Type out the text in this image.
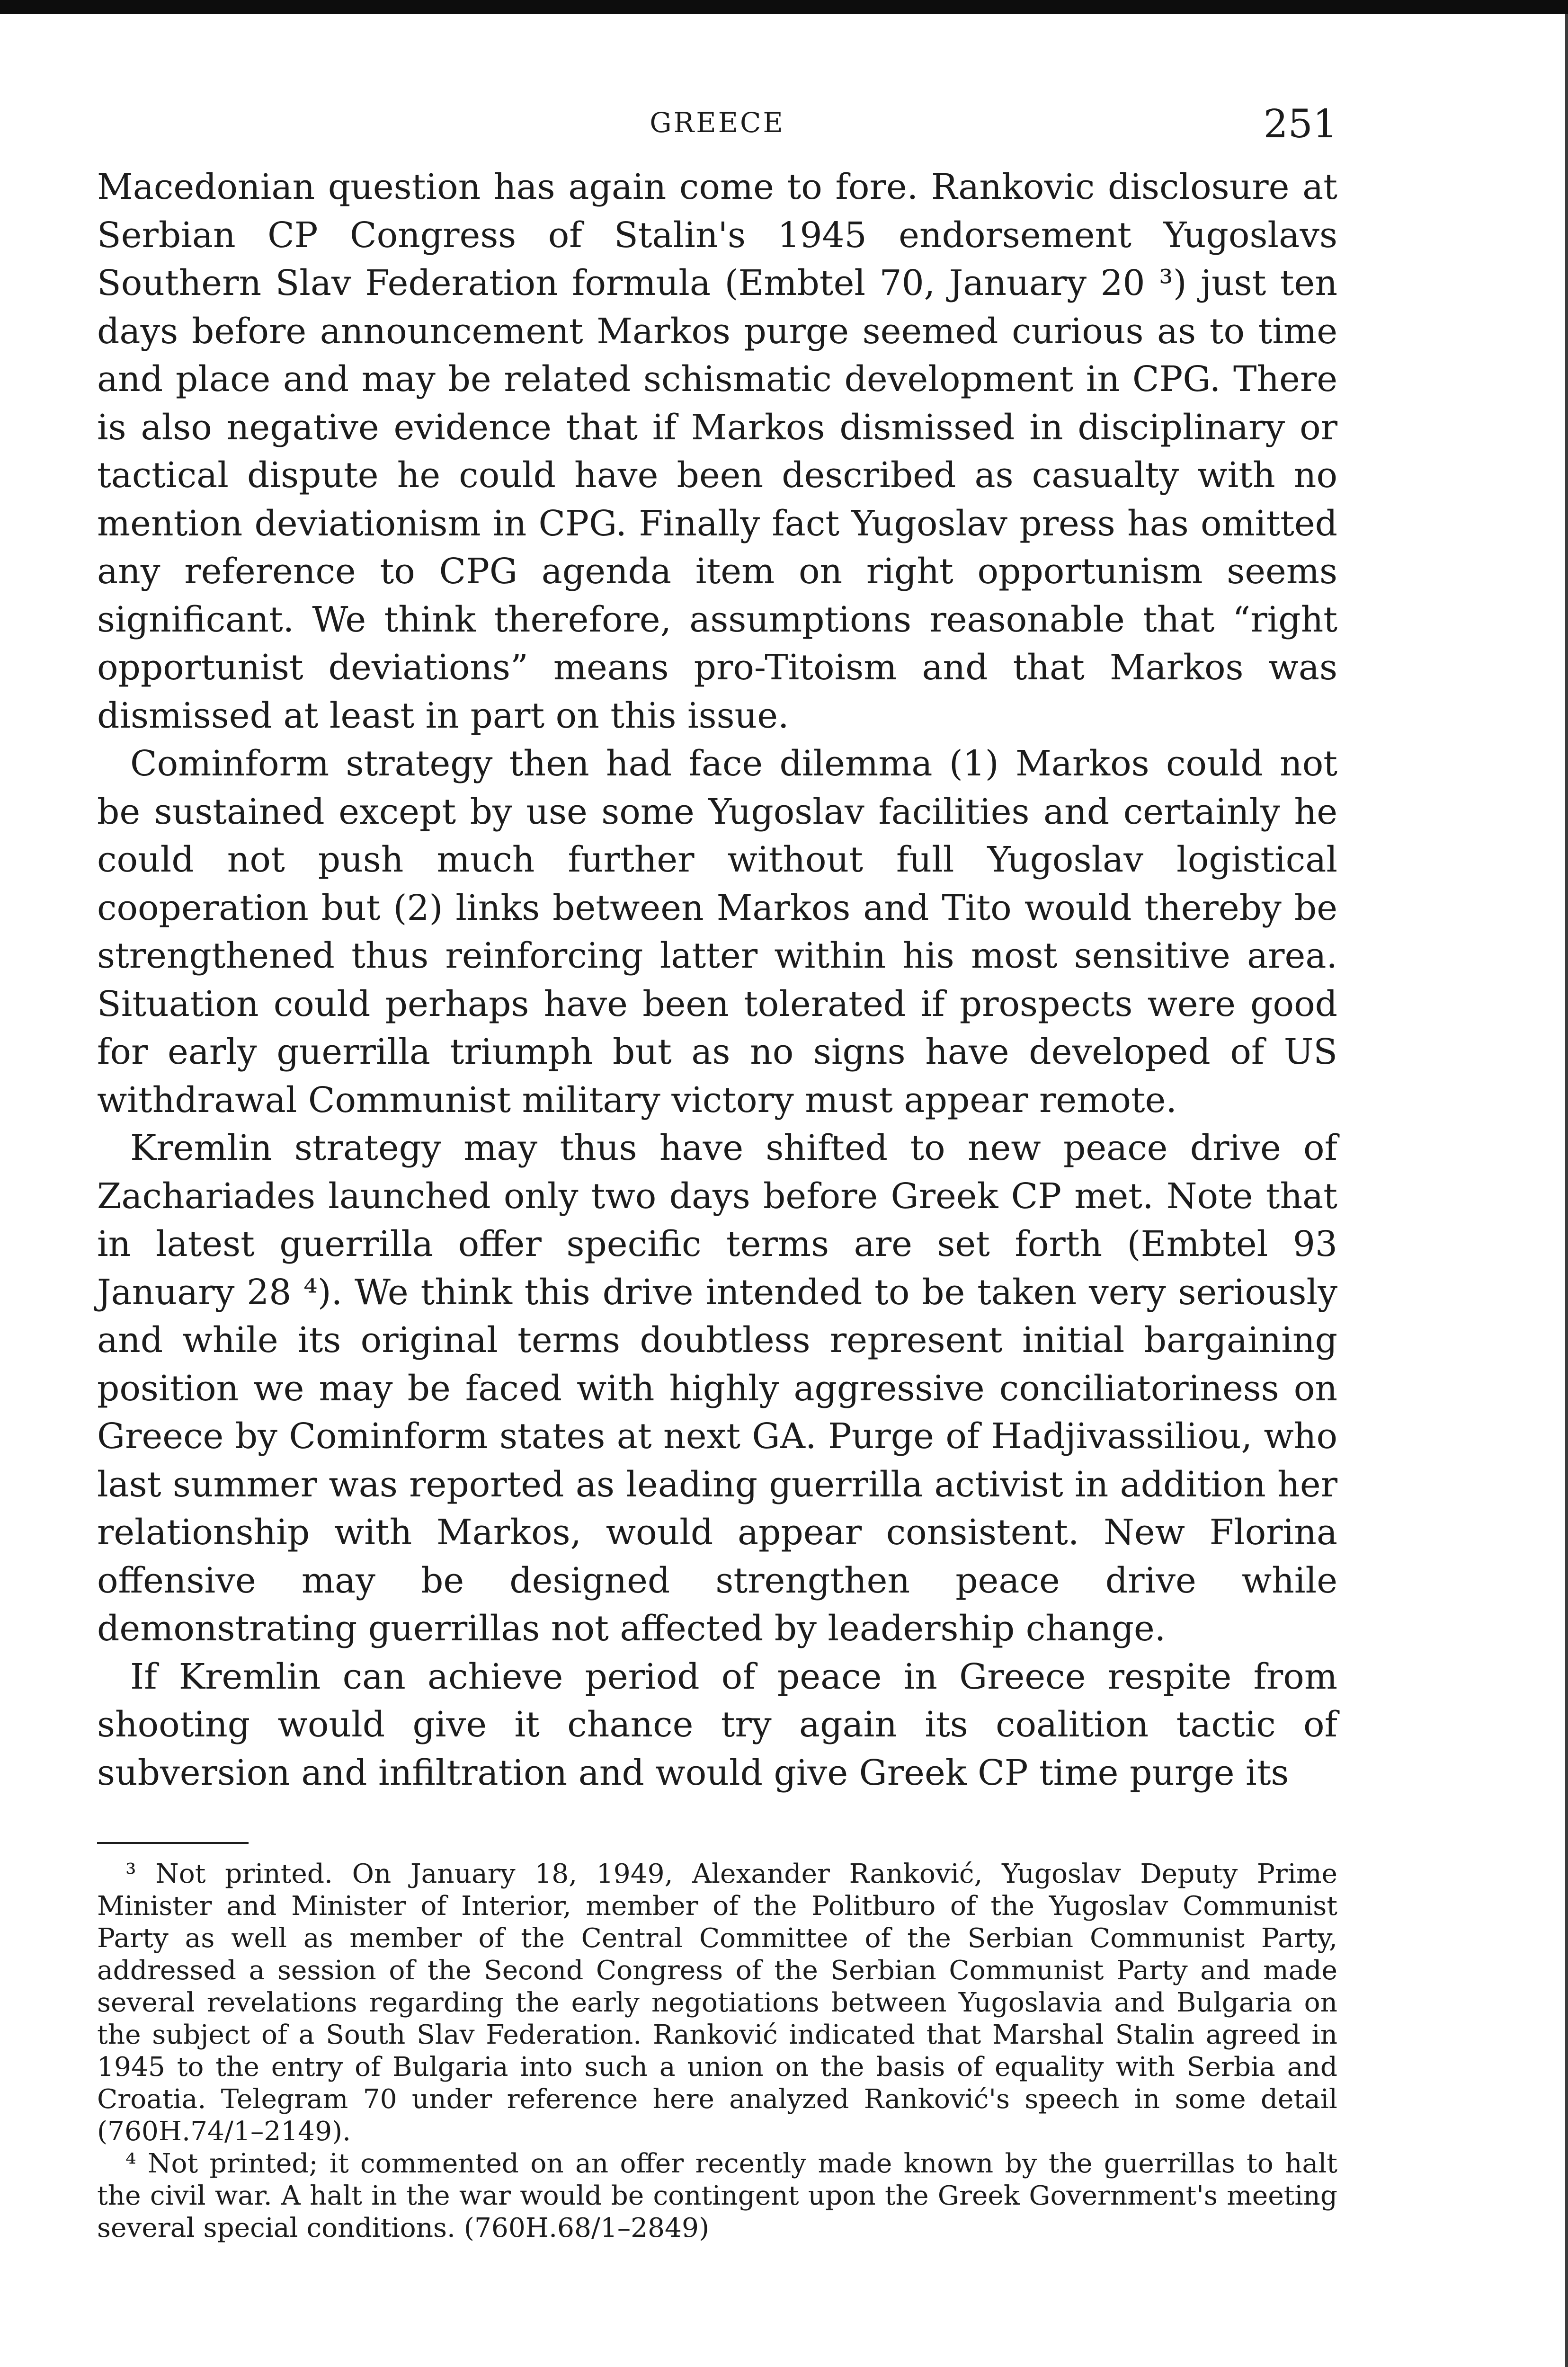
GREECE	251

Macedonian question has again come to fore. Rankovic disclosure at Serbian CP Congress of Stalin's 1945 endorsement Yugoslavs Southern Slav Federation formula (Embtel 70, January 20 ³) just ten days before announcement Markos purge seemed curious as to time and place and may be related schismatic development in CPG. There is also negative evidence that if Markos dismissed in disciplinary or tactical dispute he could have been described as casualty with no mention deviationism in CPG. Finally fact Yugoslav press has omitted any reference to CPG agenda item on right opportunism seems significant. We think therefore, assumptions reasonable that “right opportunist deviations” means pro-Titoism and that Markos was dismissed at least in part on this issue.

Cominform strategy then had face dilemma (1) Markos could not be sustained except by use some Yugoslav facilities and certainly he could not push much further without full Yugoslav logistical cooperation but (2) links between Markos and Tito would thereby be strengthened thus reinforcing latter within his most sensitive area. Situation could perhaps have been tolerated if prospects were good for early guerrilla triumph but as no signs have developed of US withdrawal Communist military victory must appear remote.

Kremlin strategy may thus have shifted to new peace drive of Zachariades launched only two days before Greek CP met. Note that in latest guerrilla offer specific terms are set forth (Embtel 93 January 28 ⁴). We think this drive intended to be taken very seriously and while its original terms doubtless represent initial bargaining position we may be faced with highly aggressive conciliatoriness on Greece by Cominform states at next GA. Purge of Hadjivassiliou, who last summer was reported as leading guerrilla activist in addition her relationship with Markos, would appear consistent. New Florina offensive may be designed strengthen peace drive while demonstrating guerrillas not affected by leadership change.

If Kremlin can achieve period of peace in Greece respite from shooting would give it chance try again its coalition tactic of subversion and infiltration and would give Greek CP time purge its

³ Not printed. On January 18, 1949, Alexander Ranković, Yugoslav Deputy Prime Minister and Minister of Interior, member of the Politburo of the Yugoslav Communist Party as well as member of the Central Committee of the Serbian Communist Party, addressed a session of the Second Congress of the Serbian Communist Party and made several revelations regarding the early negotiations between Yugoslavia and Bulgaria on the subject of a South Slav Federation. Ranković indicated that Marshal Stalin agreed in 1945 to the entry of Bulgaria into such a union on the basis of equality with Serbia and Croatia. Telegram 70 under reference here analyzed Ranković's speech in some detail (760H.74/1–2149).

⁴ Not printed; it commented on an offer recently made known by the guerrillas to halt the civil war. A halt in the war would be contingent upon the Greek Government's meeting several special conditions. (760H.68/1–2849)
